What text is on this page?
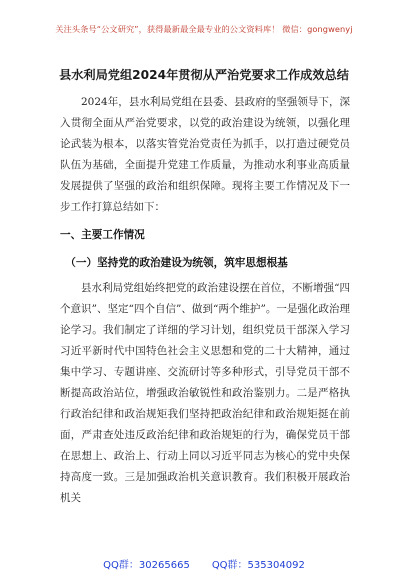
关注头条号“公文研究”，获得最新最全最专业的公文资料库！ 微信：gongwenyj
县水利局党组2024年贯彻从严治党要求工作成效总结

2024年，县水利局党组在县委、县政府的坚强领导下，深入贯彻全面从严治党要求，以党的政治建设为统领，以强化理论武装为根本，以落实管党治党责任为抓手，以打造过硬党员队伍为基础，全面提升党建工作质量，为推动水利事业高质量发展提供了坚强的政治和组织保障。现将主要工作情况及下一步工作打算总结如下：

一、主要工作情况
（一）坚持党的政治建设为统领，筑牢思想根基

县水利局党组始终把党的政治建设摆在首位，不断增强“四个意识”、坚定“四个自信”、做到“两个维护”。一是强化政治理论学习。我们制定了详细的学习计划，组织党员干部深入学习习近平新时代中国特色社会主义思想和党的二十大精神，通过集中学习、专题讲座、交流研讨等多种形式，引导党员干部不断提高政治站位，增强政治敏锐性和政治鉴别力。二是严格执行政治纪律和政治规矩我们坚持把政治纪律和政治规矩挺在前面，严肃查处违反政治纪律和政治规矩的行为，确保党员干部在思想上、政治上、行动上同以习近平同志为核心的党中央保持高度一致。三是加强政治机关意识教育。我们积极开展政治机关

QQ群：30265665 QQ群：535304092
